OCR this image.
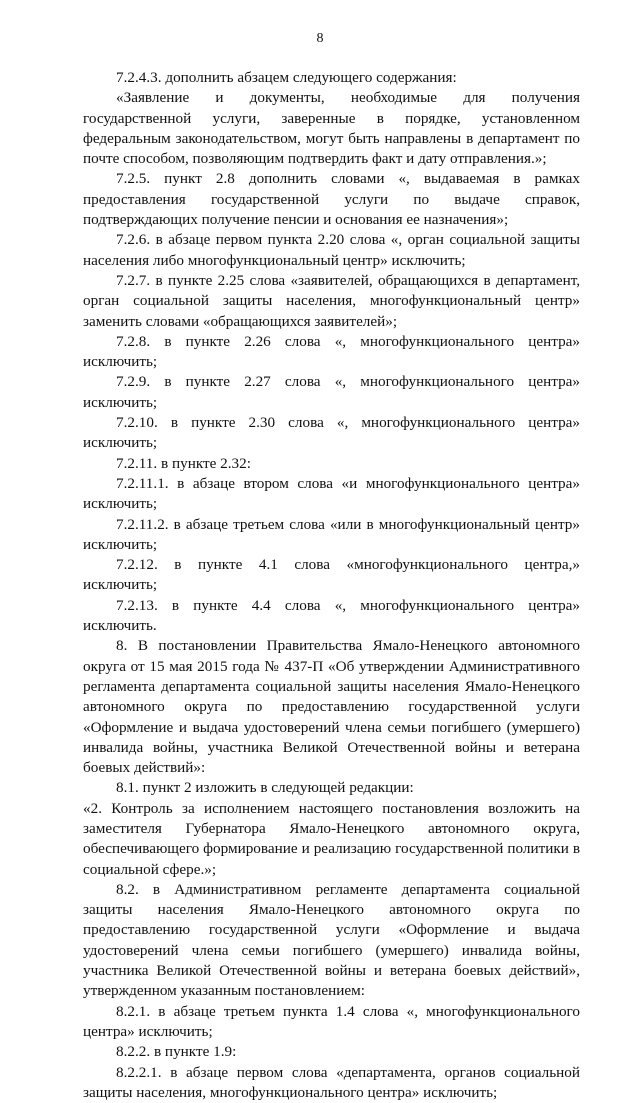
8

7.2.4.3. дополнить абзацем следующего содержания:

«Заявление и документы, необходимые для получения государственной услуги, заверенные в порядке, установленном федеральным законодательством, могут быть направлены в департамент по почте способом, позволяющим подтвердить факт и дату отправления.»;

7.2.5. пункт 2.8 дополнить словами «, выдаваемая в рамках предоставления государственной услуги по выдаче справок, подтверждающих получение пенсии и основания ее назначения»;

7.2.6. в абзаце первом пункта 2.20 слова «, орган социальной защиты населения либо многофункциональный центр» исключить;

7.2.7. в пункте 2.25 слова «заявителей, обращающихся в департамент, орган социальной защиты населения, многофункциональный центр» заменить словами «обращающихся заявителей»;

7.2.8. в пункте 2.26 слова «, многофункционального центра» исключить;

7.2.9. в пункте 2.27 слова «, многофункционального центра» исключить;

7.2.10. в пункте 2.30 слова «, многофункционального центра» исключить;

7.2.11. в пункте 2.32:

7.2.11.1. в абзаце втором слова «и многофункционального центра» исключить;

7.2.11.2. в абзаце третьем слова «или в многофункциональный центр» исключить;

7.2.12. в пункте 4.1 слова «многофункционального центра,» исключить;

7.2.13. в пункте 4.4 слова «, многофункционального центра» исключить.

8. В постановлении Правительства Ямало-Ненецкого автономного округа от 15 мая 2015 года № 437-П «Об утверждении Административного регламента департамента социальной защиты населения Ямало-Ненецкого автономного округа по предоставлению государственной услуги «Оформление и выдача удостоверений члена семьи погибшего (умершего) инвалида войны, участника Великой Отечественной войны и ветерана боевых действий»:

8.1. пункт 2 изложить в следующей редакции:

«2. Контроль за исполнением настоящего постановления возложить на заместителя Губернатора Ямало-Ненецкого автономного округа, обеспечивающего формирование и реализацию государственной политики в социальной сфере.»;

8.2. в Административном регламенте департамента социальной защиты населения Ямало-Ненецкого автономного округа по предоставлению государственной услуги «Оформление и выдача удостоверений члена семьи погибшего (умершего) инвалида войны, участника Великой Отечественной войны и ветерана боевых действий», утвержденном указанным постановлением:

8.2.1. в абзаце третьем пункта 1.4 слова «, многофункционального центра» исключить;

8.2.2. в пункте 1.9:

8.2.2.1. в абзаце первом слова «департамента, органов социальной защиты населения, многофункционального центра» исключить;
